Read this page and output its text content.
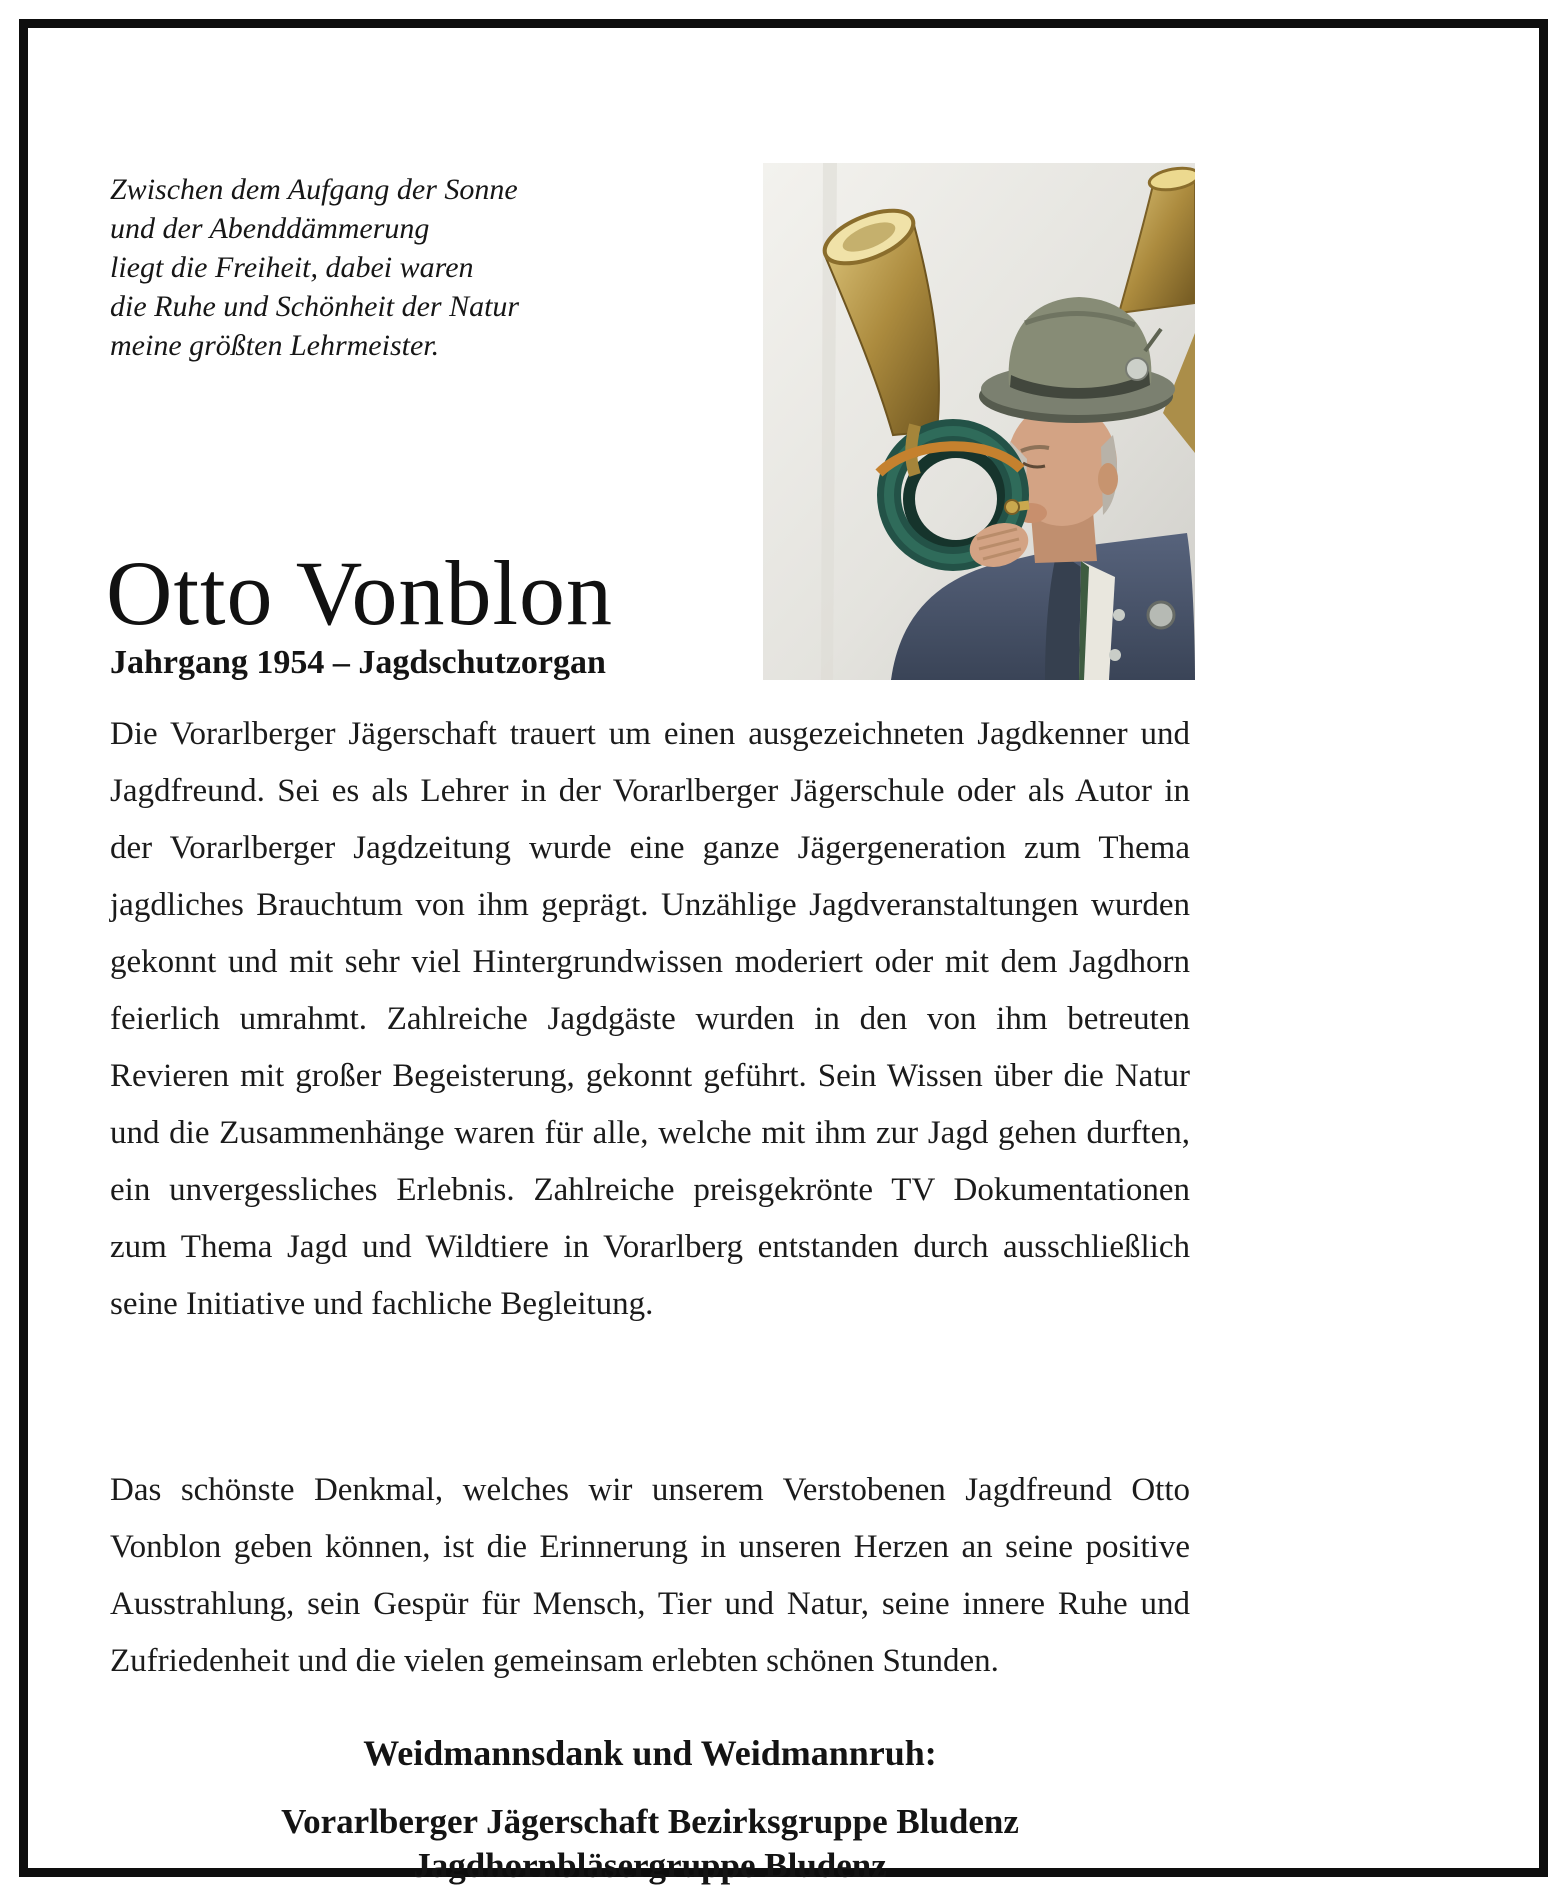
Zwischen dem Aufgang der Sonne
und der Abenddämmerung
liegt die Freiheit, dabei waren
die Ruhe und Schönheit der Natur
meine größten Lehrmeister.
Otto Vonblon
Jahrgang 1954 – Jagdschutzorgan

Die Vorarlberger Jägerschaft trauert um einen ausgezeichneten Jagdkenner und Jagdfreund. Sei es als Lehrer in der Vorarlberger Jägerschule oder als Autor in der Vorarlberger Jagdzeitung wurde eine ganze Jägergeneration zum Thema jagdliches Brauchtum von ihm geprägt. Unzählige Jagdveranstaltungen wurden gekonnt und mit sehr viel Hintergrundwissen moderiert oder mit dem Jagdhorn feierlich umrahmt. Zahlreiche Jagdgäste wurden in den von ihm betreuten Revieren mit großer Begeisterung, gekonnt geführt. Sein Wissen über die Natur und die Zusammenhänge waren für alle, welche mit ihm zur Jagd gehen durften, ein unvergessliches Erlebnis. Zahlreiche preisgekrönte TV Dokumentationen zum Thema Jagd und Wildtiere in Vorarlberg entstanden durch ausschließlich seine Initiative und fachliche Begleitung.

Das schönste Denkmal, welches wir unserem Verstobenen Jagdfreund Otto Vonblon geben können, ist die Erinnerung in unseren Herzen an seine positive Ausstrahlung, sein Gespür für Mensch, Tier und Natur, seine innere Ruhe und Zufriedenheit und die vielen gemeinsam erlebten schönen Stunden.

Weidmannsdank und Weidmannruh:
Vorarlberger Jägerschaft Bezirksgruppe Bludenz
Jagdhornbläsergruppe Bludenz
